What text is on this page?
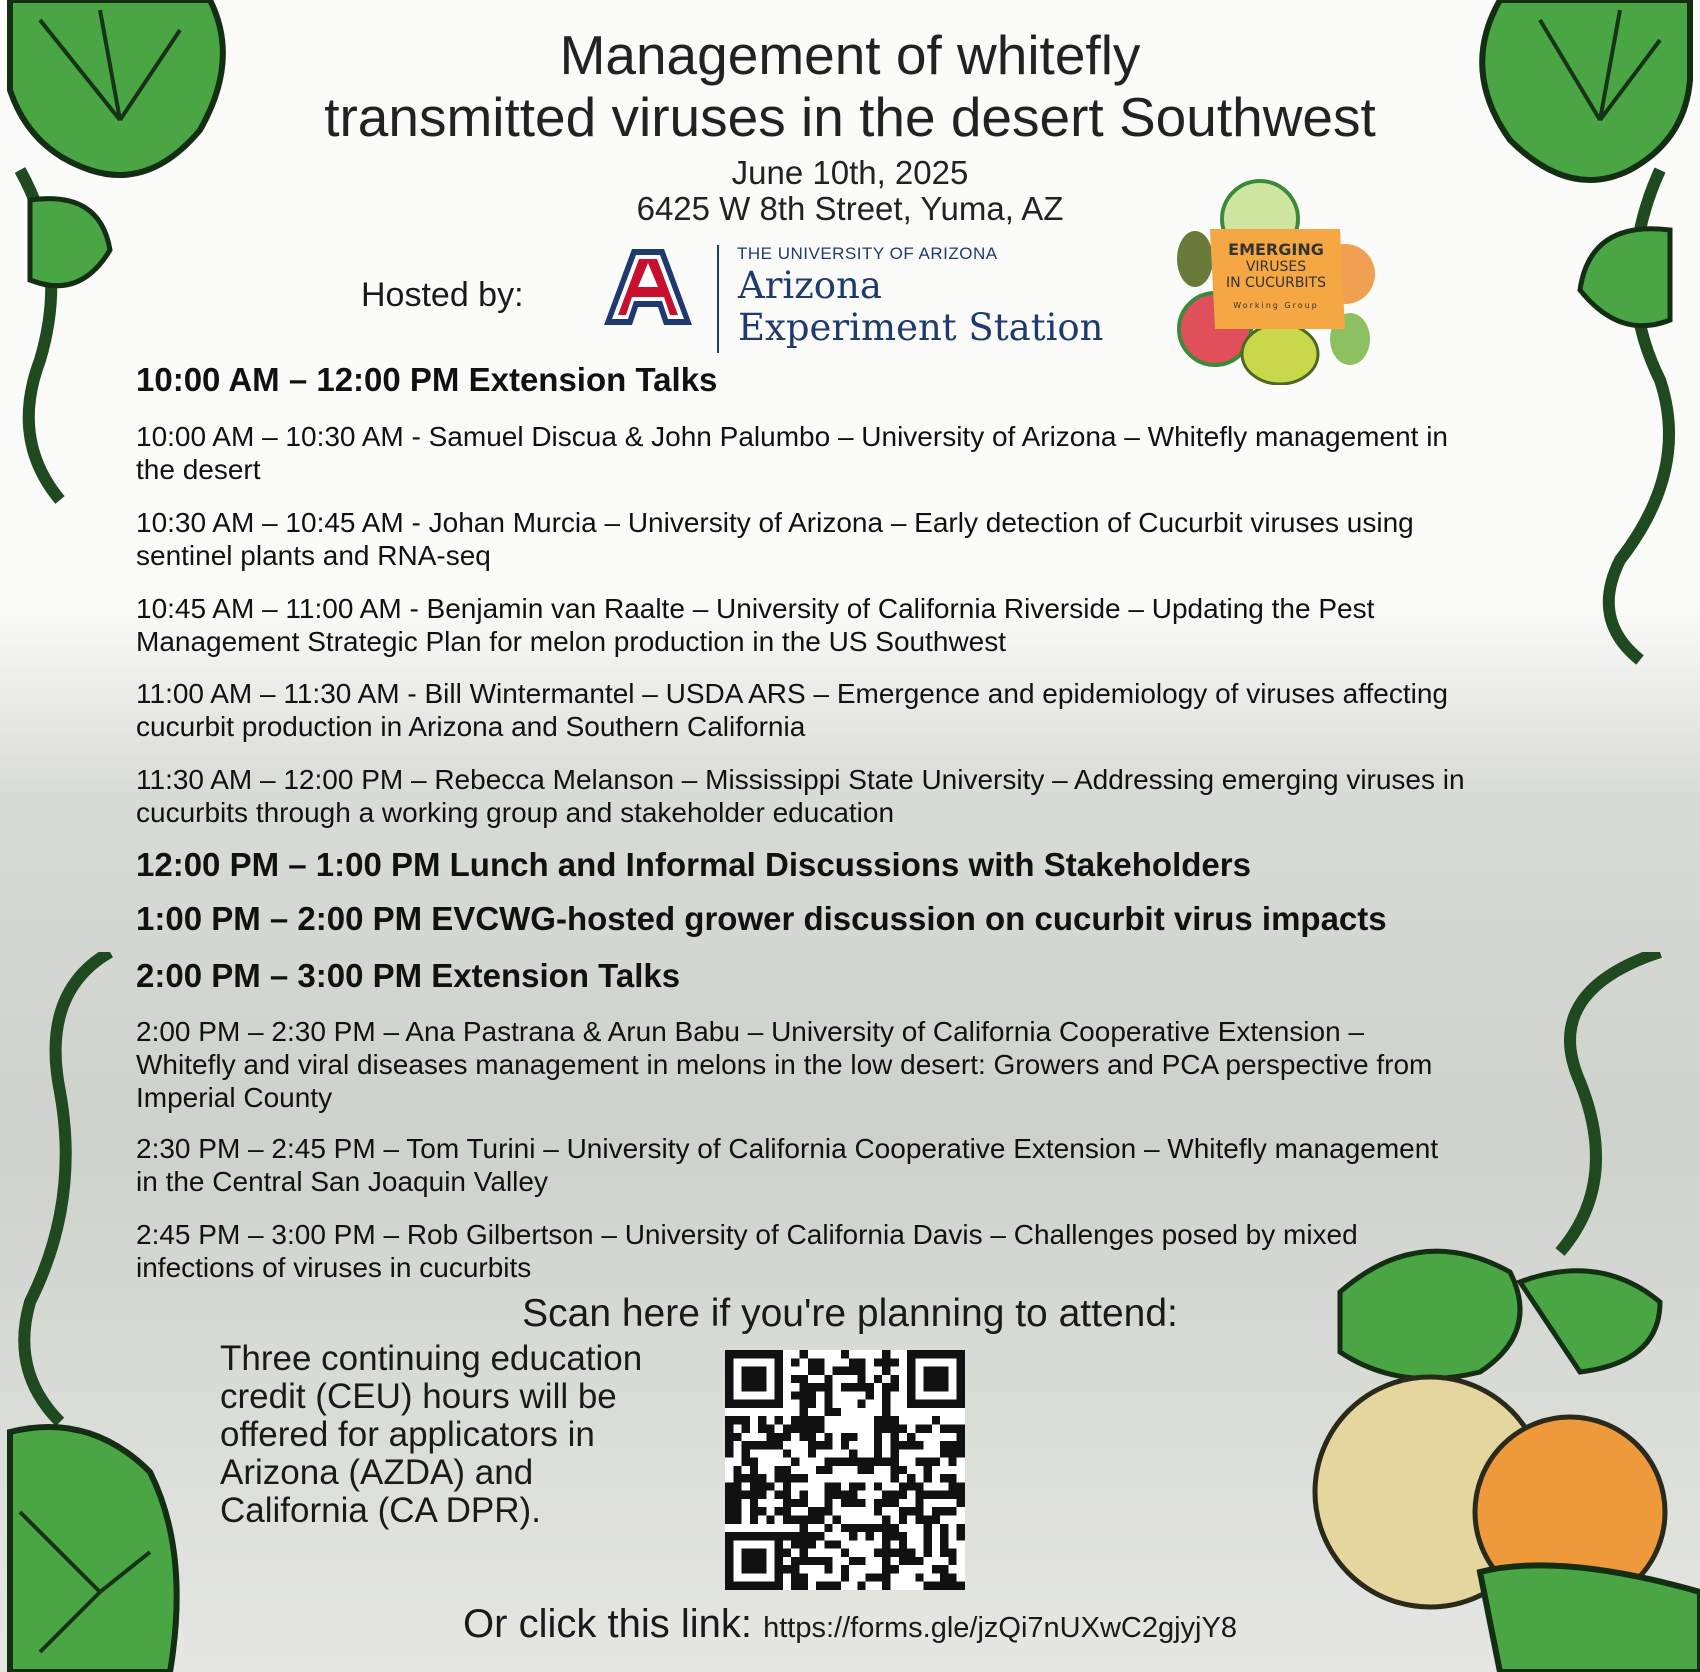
Management of whitefly
transmitted viruses in the desert Southwest
June 10th, 2025
6425 W 8th Street, Yuma, AZ
Hosted by:
THE UNIVERSITY OF ARIZONA
Arizona
Experiment Station
EMERGING
VIRUSES
IN CUCURBITS
Working Group
10:00 AM – 12:00 PM Extension Talks
10:00 AM – 10:30 AM - Samuel Discua & John Palumbo – University of Arizona – Whitefly management in
the desert
10:30 AM – 10:45 AM - Johan Murcia – University of Arizona – Early detection of Cucurbit viruses using
sentinel plants and RNA-seq
10:45 AM – 11:00 AM - Benjamin van Raalte – University of California Riverside – Updating the Pest
Management Strategic Plan for melon production in the US Southwest
11:00 AM – 11:30 AM - Bill Wintermantel – USDA ARS – Emergence and epidemiology of viruses affecting
cucurbit production in Arizona and Southern California
11:30 AM – 12:00 PM – Rebecca Melanson – Mississippi State University – Addressing emerging viruses in
cucurbits through a working group and stakeholder education
12:00 PM – 1:00 PM Lunch and Informal Discussions with Stakeholders
1:00 PM – 2:00 PM EVCWG-hosted grower discussion on cucurbit virus impacts
2:00 PM – 3:00 PM Extension Talks
2:00 PM – 2:30 PM – Ana Pastrana & Arun Babu – University of California Cooperative Extension –
Whitefly and viral diseases management in melons in the low desert: Growers and PCA perspective from
Imperial County
2:30 PM – 2:45 PM – Tom Turini – University of California Cooperative Extension – Whitefly management
in the Central San Joaquin Valley
2:45 PM – 3:00 PM – Rob Gilbertson – University of California Davis – Challenges posed by mixed
infections of viruses in cucurbits
Scan here if you're planning to attend:
Three continuing education
credit (CEU) hours will be
offered for applicators in
Arizona (AZDA) and
California (CA DPR).
Or click this link: https://forms.gle/jzQi7nUXwC2gjyjY8
